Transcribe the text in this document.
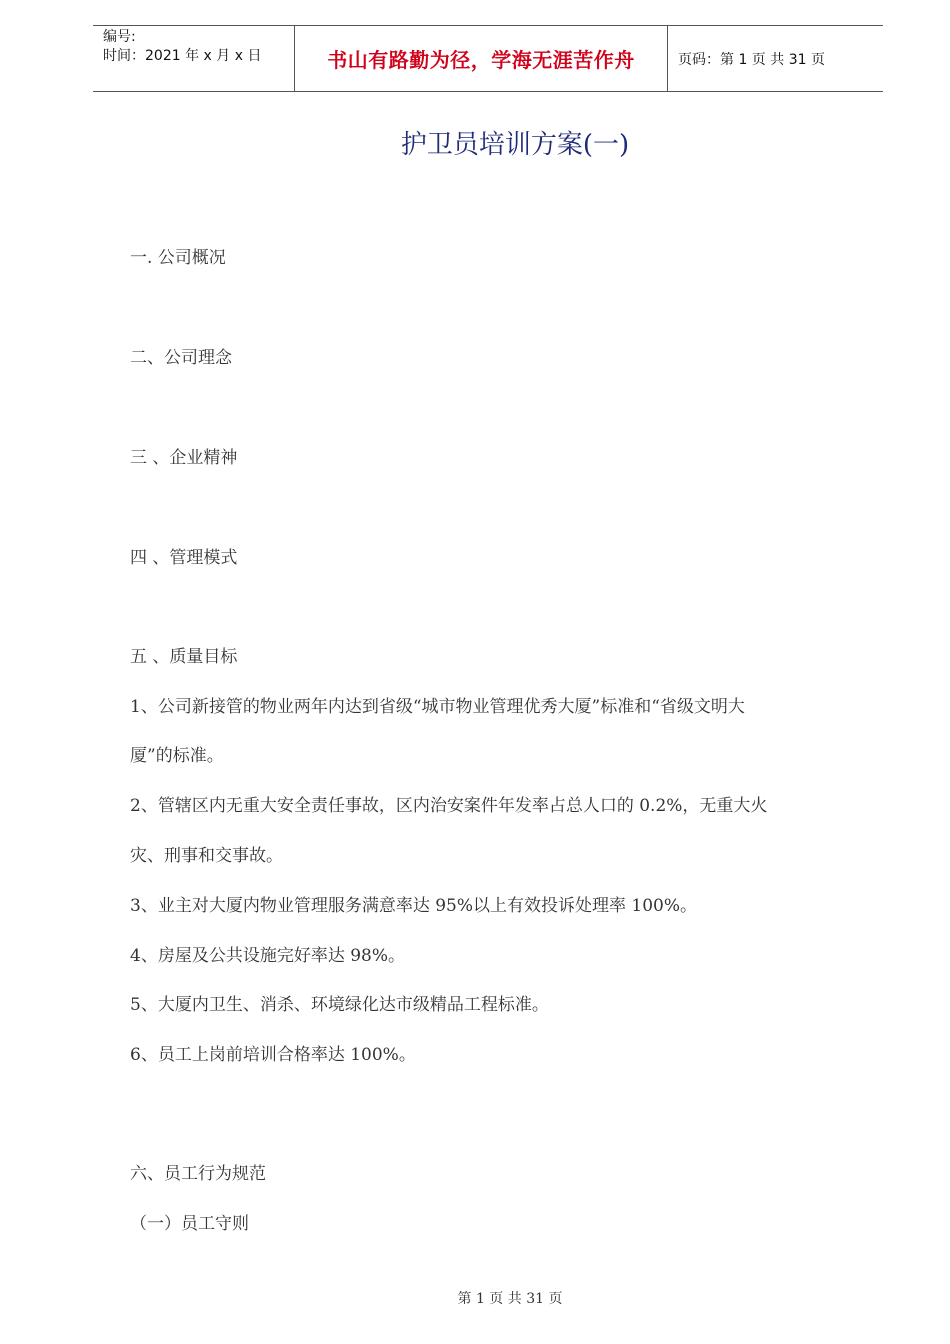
编号:
时间：2021 年 x 月 x 日	书山有路勤为径，学海无涯苦作舟	页码：第 1 页 共 31 页
护卫员培训方案(一)
一. 公司概况
二、公司理念
三 、企业精神
四 、管理模式
五 、质量目标
1、公司新接管的物业两年内达到省级“城市物业管理优秀大厦”标准和“省级文明大
厦”的标准。
2、管辖区内无重大安全责任事故，区内治安案件年发率占总人口的 0.2%，无重大火
灾、刑事和交事故。
3、业主对大厦内物业管理服务满意率达 95%以上有效投诉处理率 100%。
4、房屋及公共设施完好率达 98%。
5、大厦内卫生、消杀、环境绿化达市级精品工程标准。
6、员工上岗前培训合格率达 100%。
六、员工行为规范
（一）员工守则
第 1 页 共 31 页
